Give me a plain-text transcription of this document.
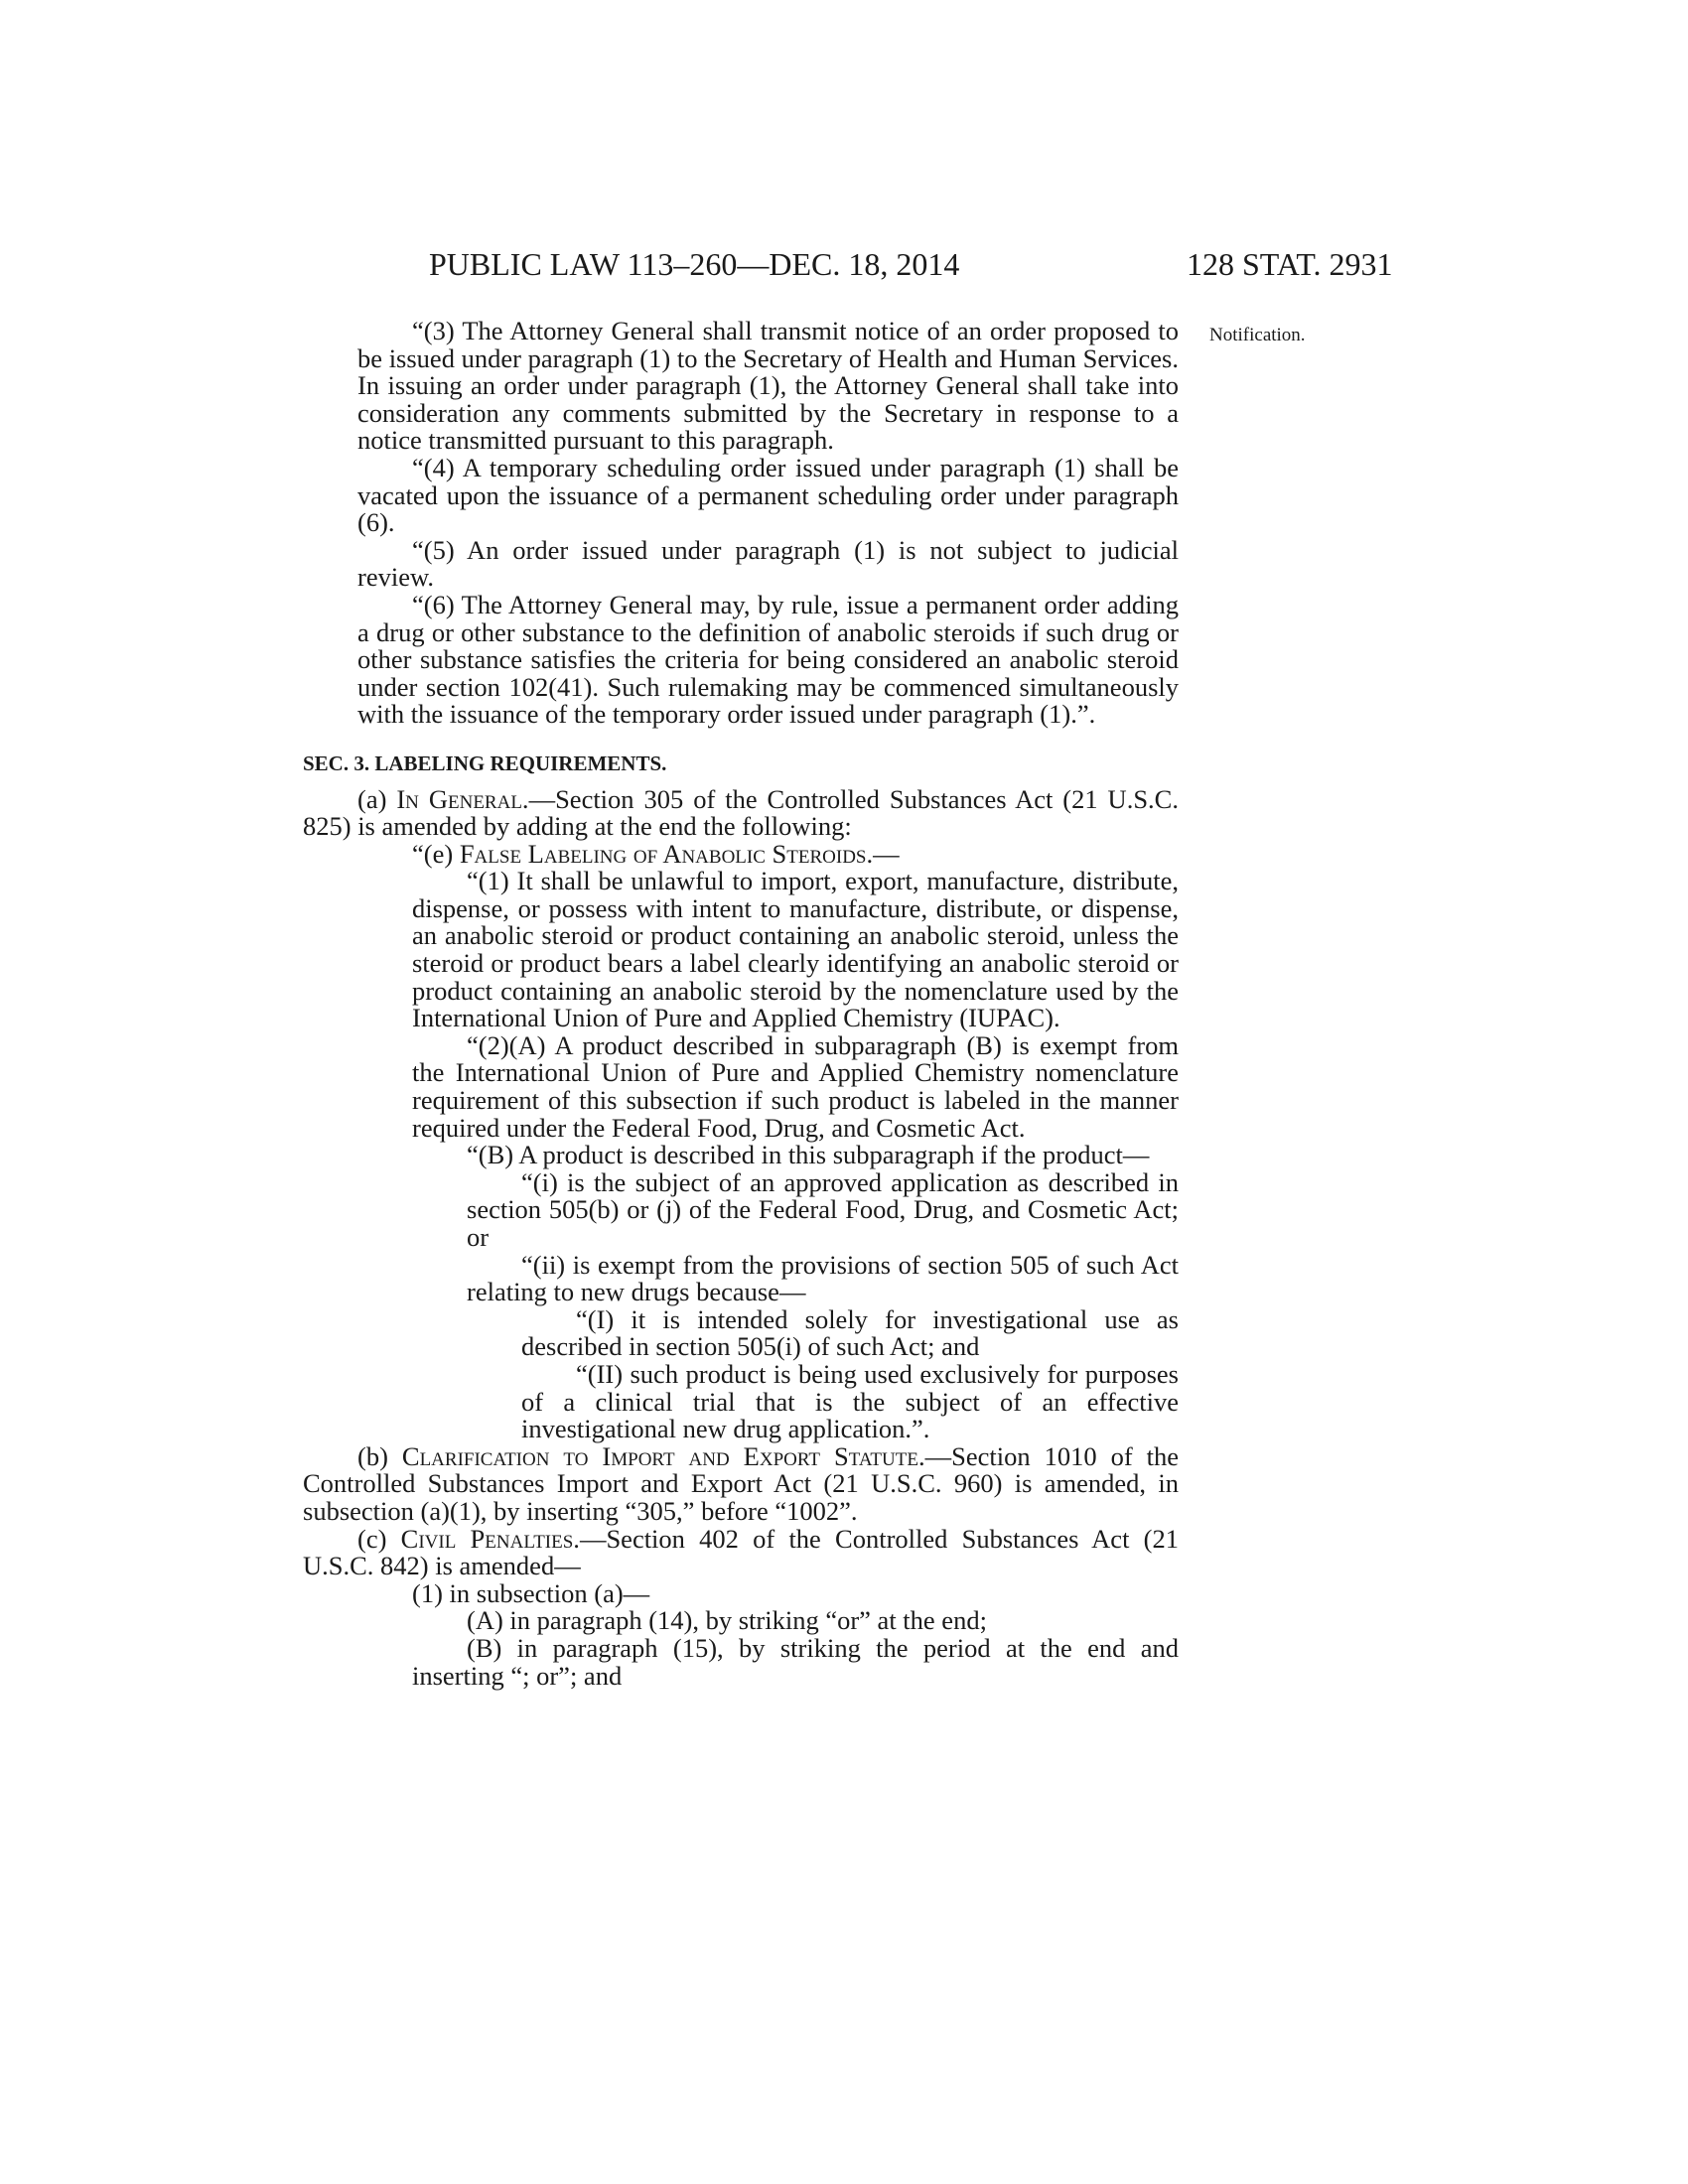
PUBLIC LAW 113–260—DEC. 18, 2014	128 STAT. 2931
Notification.

“(3) The Attorney General shall transmit notice of an order proposed to be issued under paragraph (1) to the Secretary of Health and Human Services. In issuing an order under paragraph (1), the Attorney General shall take into consideration any comments submitted by the Secretary in response to a notice transmitted pursuant to this paragraph.

“(4) A temporary scheduling order issued under paragraph (1) shall be vacated upon the issuance of a permanent scheduling order under paragraph (6).

“(5) An order issued under paragraph (1) is not subject to judicial review.

“(6) The Attorney General may, by rule, issue a permanent order adding a drug or other substance to the definition of anabolic steroids if such drug or other substance satisfies the criteria for being considered an anabolic steroid under section 102(41). Such rulemaking may be commenced simultaneously with the issuance of the temporary order issued under paragraph (1).”.

SEC. 3. LABELING REQUIREMENTS.

(a) In General.—Section 305 of the Controlled Substances Act (21 U.S.C. 825) is amended by adding at the end the following:

“(e) False Labeling of Anabolic Steroids.—

“(1) It shall be unlawful to import, export, manufacture, distribute, dispense, or possess with intent to manufacture, distribute, or dispense, an anabolic steroid or product containing an anabolic steroid, unless the steroid or product bears a label clearly identifying an anabolic steroid or product containing an anabolic steroid by the nomenclature used by the International Union of Pure and Applied Chemistry (IUPAC).

“(2)(A) A product described in subparagraph (B) is exempt from the International Union of Pure and Applied Chemistry nomenclature requirement of this subsection if such product is labeled in the manner required under the Federal Food, Drug, and Cosmetic Act.

“(B) A product is described in this subparagraph if the product—

“(i) is the subject of an approved application as described in section 505(b) or (j) of the Federal Food, Drug, and Cosmetic Act; or

“(ii) is exempt from the provisions of section 505 of such Act relating to new drugs because—

“(I) it is intended solely for investigational use as described in section 505(i) of such Act; and

“(II) such product is being used exclusively for purposes of a clinical trial that is the subject of an effective investigational new drug application.”.

(b) Clarification to Import and Export Statute.—Section 1010 of the Controlled Substances Import and Export Act (21 U.S.C. 960) is amended, in subsection (a)(1), by inserting “305,” before “1002”.

(c) Civil Penalties.—Section 402 of the Controlled Substances Act (21 U.S.C. 842) is amended—

(1) in subsection (a)—

(A) in paragraph (14), by striking “or” at the end;

(B) in paragraph (15), by striking the period at the end and inserting “; or”; and
